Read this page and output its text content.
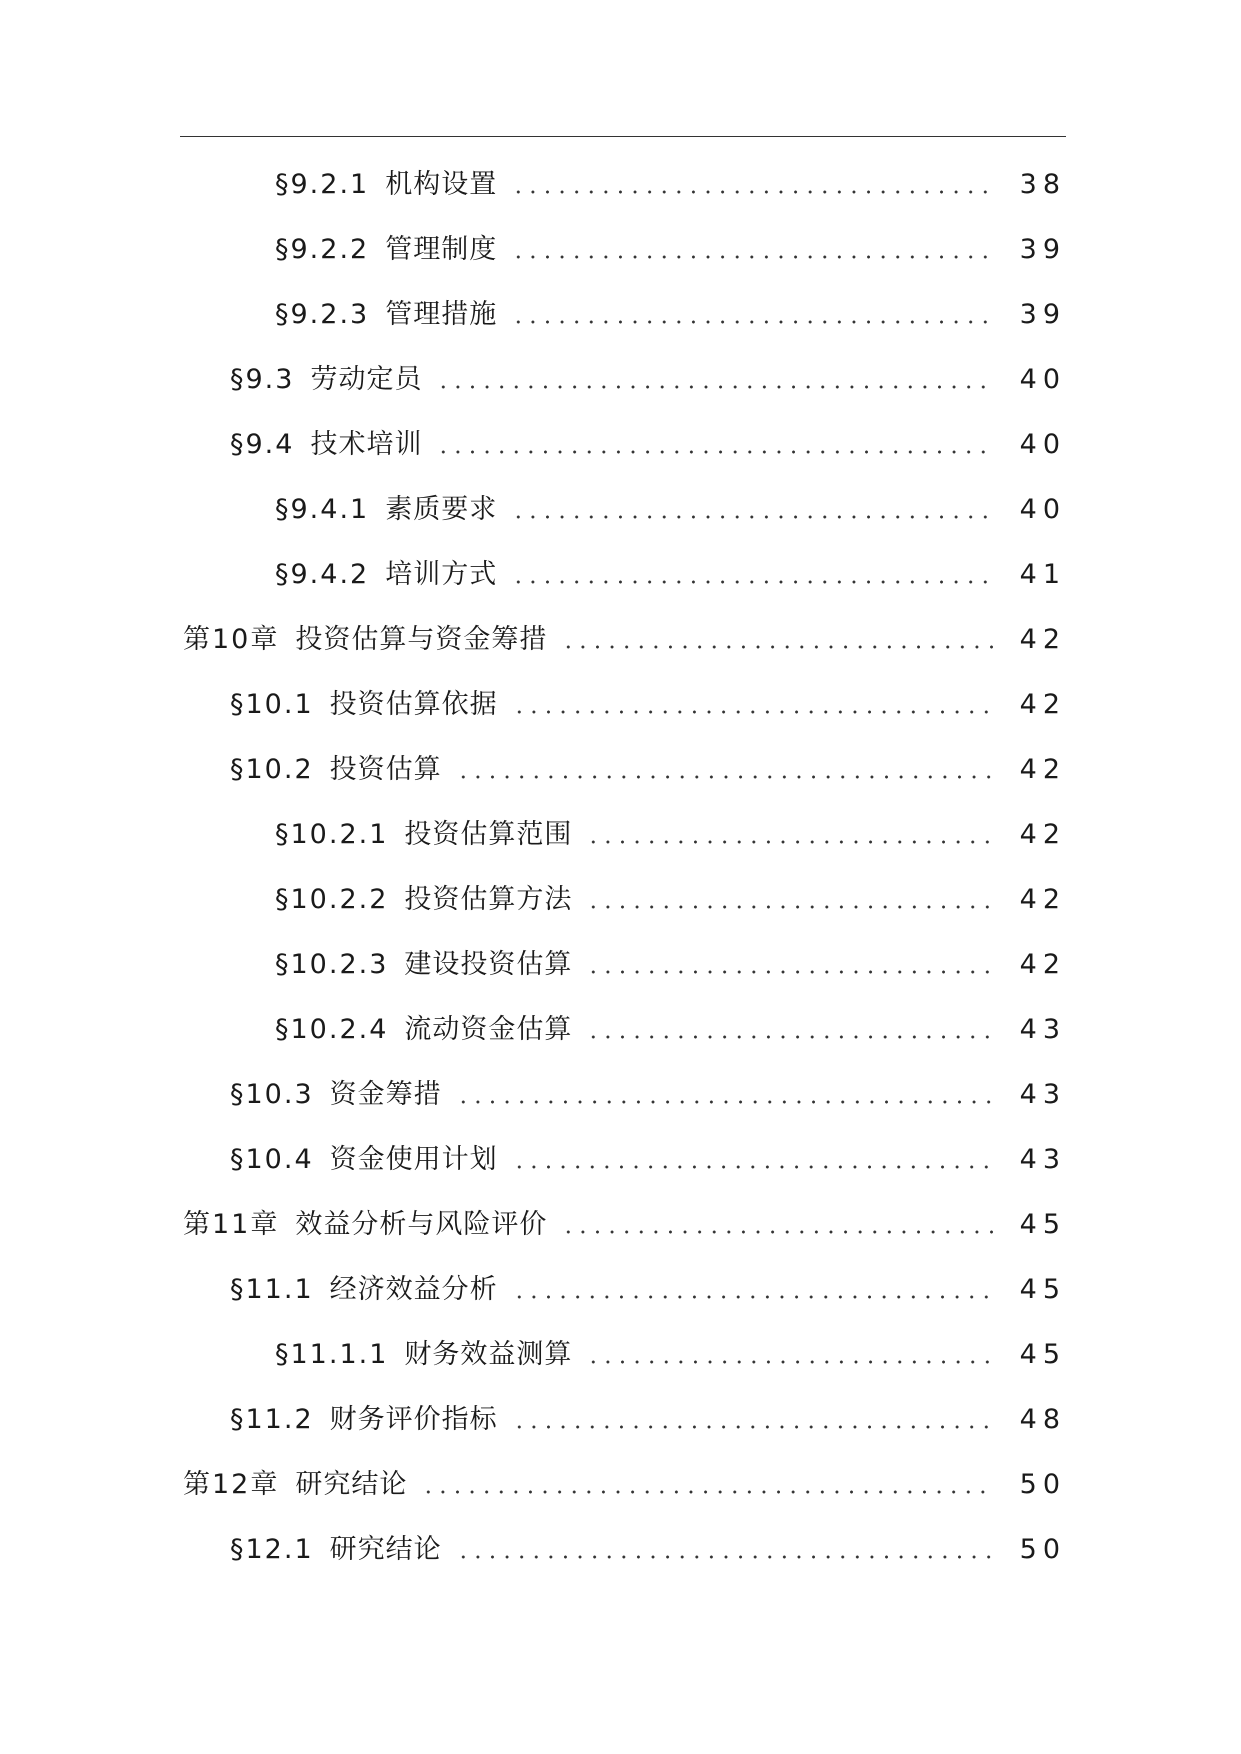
§9.2.1 机构设置	38
§9.2.2 管理制度	39
§9.2.3 管理措施	39
§9.3 劳动定员	40
§9.4 技术培训	40
§9.4.1 素质要求	40
§9.4.2 培训方式	41
第10章 投资估算与资金筹措	42
§10.1 投资估算依据	42
§10.2 投资估算	42
§10.2.1 投资估算范围	42
§10.2.2 投资估算方法	42
§10.2.3 建设投资估算	42
§10.2.4 流动资金估算	43
§10.3 资金筹措	43
§10.4 资金使用计划	43
第11章 效益分析与风险评价	45
§11.1 经济效益分析	45
§11.1.1 财务效益测算	45
§11.2 财务评价指标	48
第12章 研究结论	50
§12.1 研究结论	50
